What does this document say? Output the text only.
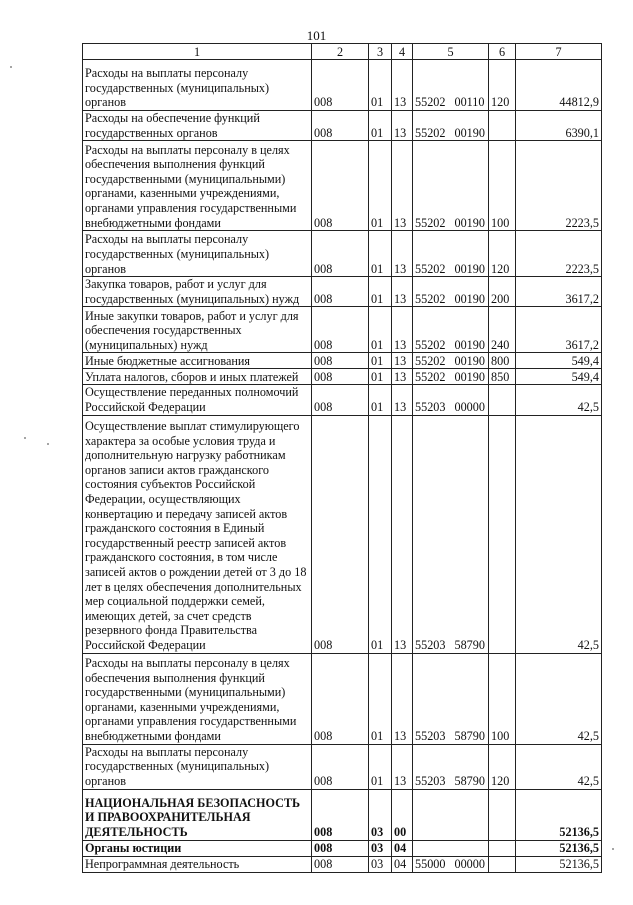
101
1	2	3	4	5	6	7
Расходы на выплаты персоналу государственных (муниципальных) органов	008	01	13	55202 00110	120	44812,9
Расходы на обеспечение функций государственных органов	008	01	13	55202 00190		6390,1
Расходы на выплаты персоналу в целях обеспечения выполнения функций государственными (муниципальными) органами, казенными учреждениями, органами управления государственными внебюджетными фондами	008	01	13	55202 00190	100	2223,5
Расходы на выплаты персоналу государственных (муниципальных) органов	008	01	13	55202 00190	120	2223,5
Закупка товаров, работ и услуг для государственных (муниципальных) нужд	008	01	13	55202 00190	200	3617,2
Иные закупки товаров, работ и услуг для обеспечения государственных (муниципальных) нужд	008	01	13	55202 00190	240	3617,2
Иные бюджетные ассигнования	008	01	13	55202 00190	800	549,4
Уплата налогов, сборов и иных платежей	008	01	13	55202 00190	850	549,4
Осуществление переданных полномочий Российской Федерации	008	01	13	55203 00000		42,5
Осуществление выплат стимулирующего характера за особые условия труда и дополнительную нагрузку работникам органов записи актов гражданского состояния субъектов Российской Федерации, осуществляющих конвертацию и передачу записей актов гражданского состояния в Единый государственный реестр записей актов гражданского состояния, в том числе записей актов о рождении детей от 3 до 18 лет в целях обеспечения дополнительных мер социальной поддержки семей, имеющих детей, за счет средств резервного фонда Правительства Российской Федерации	008	01	13	55203 58790		42,5
Расходы на выплаты персоналу в целях обеспечения выполнения функций государственными (муниципальными) органами, казенными учреждениями, органами управления государственными внебюджетными фондами	008	01	13	55203 58790	100	42,5
Расходы на выплаты персоналу государственных (муниципальных) органов	008	01	13	55203 58790	120	42,5
НАЦИОНАЛЬНАЯ БЕЗОПАСНОСТЬ И ПРАВООХРАНИТЕЛЬНАЯ ДЕЯТЕЛЬНОСТЬ	008	03	00			52136,5
Органы юстиции	008	03	04			52136,5
Непрограммная деятельность	008	03	04	55000 00000		52136,5
